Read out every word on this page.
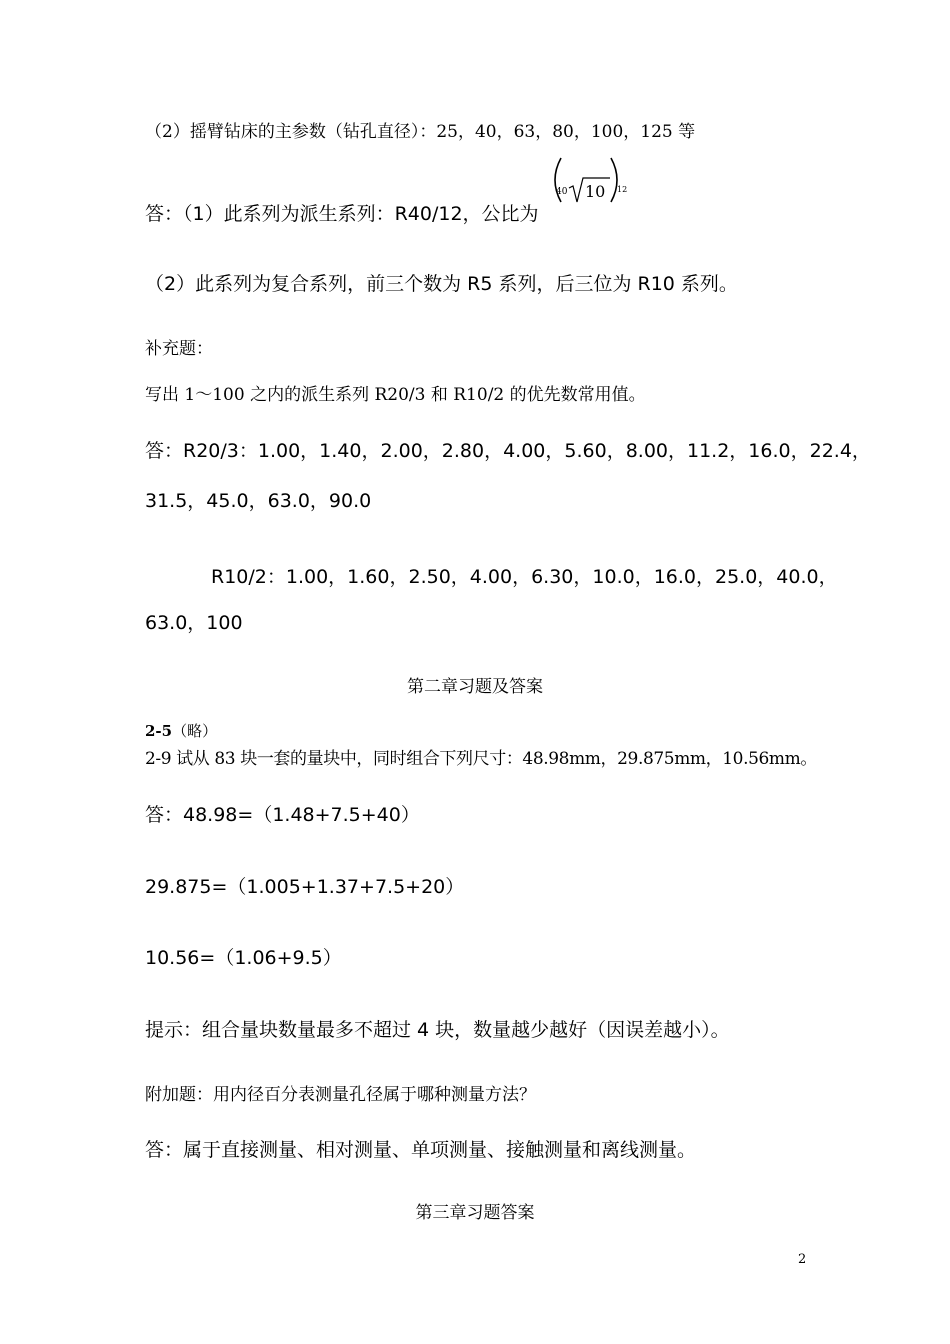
（2）摇臂钻床的主参数（钻孔直径）：25，40，63，80，100，125 等
答：（1）此系列为派生系列：R40/12，公比为
40 10 12
（2）此系列为复合系列，前三个数为 R5 系列，后三位为 R10 系列。
补充题：
写出 1～100 之内的派生系列 R20/3 和 R10/2 的优先数常用值。
答：R20/3：1.00，1.40，2.00，2.80，4.00，5.60，8.00，11.2，16.0，22.4，
31.5，45.0，63.0，90.0
R10/2：1.00，1.60，2.50，4.00，6.30，10.0，16.0，25.0，40.0，
63.0，100
第二章习题及答案
2-5（略）
2-9 试从 83 块一套的量块中，同时组合下列尺寸：48.98mm，29.875mm，10.56mm。
答：48.98=（1.48+7.5+40）
29.875=（1.005+1.37+7.5+20）
10.56=（1.06+9.5）
提示：组合量块数量最多不超过 4 块，数量越少越好（因误差越小）。
附加题：用内径百分表测量孔径属于哪种测量方法？
答：属于直接测量、相对测量、单项测量、接触测量和离线测量。
第三章习题答案
2
